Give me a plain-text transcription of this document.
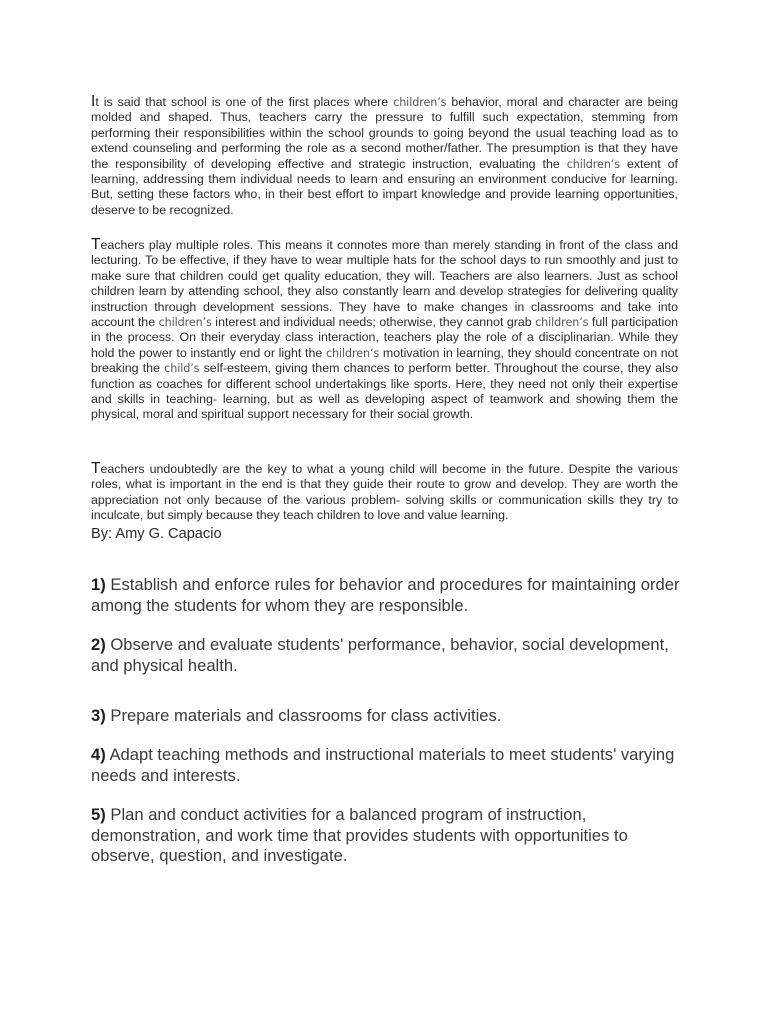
It is said that school is one of the first places where children’s behavior, moral and character are being molded and shaped. Thus, teachers carry the pressure to fulfill such expectation, stemming from performing their responsibilities within the school grounds to going beyond the usual teaching load as to extend counseling and performing the role as a second mother/father. The presumption is that they have the responsibility of developing effective and strategic instruction, evaluating the children’s extent of learning, addressing them individual needs to learn and ensuring an environment conducive for learning. But, setting these factors who, in their best effort to impart knowledge and provide learning opportunities, deserve to be recognized.

Teachers play multiple roles. This means it connotes more than merely standing in front of the class and lecturing. To be effective, if they have to wear multiple hats for the school days to run smoothly and just to make sure that children could get quality education, they will. Teachers are also learners. Just as school children learn by attending school, they also constantly learn and develop strategies for delivering quality instruction through development sessions. They have to make changes in classrooms and take into account the children’s interest and individual needs; otherwise, they cannot grab children’s full participation in the process. On their everyday class interaction, teachers play the role of a disciplinarian. While they hold the power to instantly end or light the children’s motivation in learning, they should concentrate on not breaking the child’s self-esteem, giving them chances to perform better. Throughout the course, they also function as coaches for different school undertakings like sports. Here, they need not only their expertise and skills in teaching- learning, but as well as developing aspect of teamwork and showing them the physical, moral and spiritual support necessary for their social growth.

Teachers undoubtedly are the key to what a young child will become in the future. Despite the various roles, what is important in the end is that they guide their route to grow and develop. They are worth the appreciation not only because of the various problem- solving skills or communication skills they try to inculcate, but simply because they teach children to love and value learning.

By: Amy G. Capacio

1) Establish and enforce rules for behavior and procedures for maintaining order among the students for whom they are responsible.

2) Observe and evaluate students' performance, behavior, social development, and physical health.

3) Prepare materials and classrooms for class activities.

4) Adapt teaching methods and instructional materials to meet students' varying needs and interests.

5) Plan and conduct activities for a balanced program of instruction, demonstration, and work time that provides students with opportunities to observe, question, and investigate.
